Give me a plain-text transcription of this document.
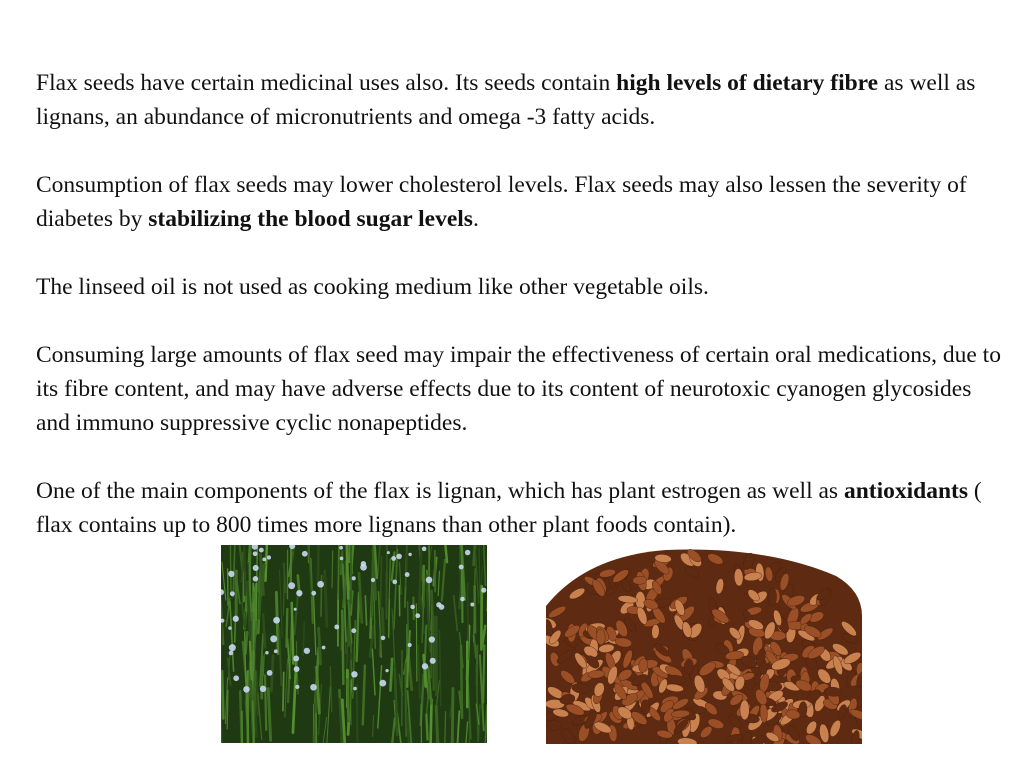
Flax seeds have certain medicinal uses also. Its seeds contain high levels of dietary fibre as well as lignans, an abundance of micronutrients and omega -3 fatty acids.

Consumption of flax seeds may lower cholesterol levels. Flax seeds may also lessen the severity of diabetes by stabilizing the blood sugar levels.

The linseed oil is not used as cooking medium like other vegetable oils.

Consuming large amounts of flax seed may impair the effectiveness of certain oral medications, due to its fibre content, and may have adverse effects due to its content of neurotoxic cyanogen glycosides and immuno suppressive cyclic nonapeptides.

One of the main components of the flax is lignan, which has plant estrogen as well as antioxidants ( flax contains up to 800 times more lignans than other plant foods contain).
